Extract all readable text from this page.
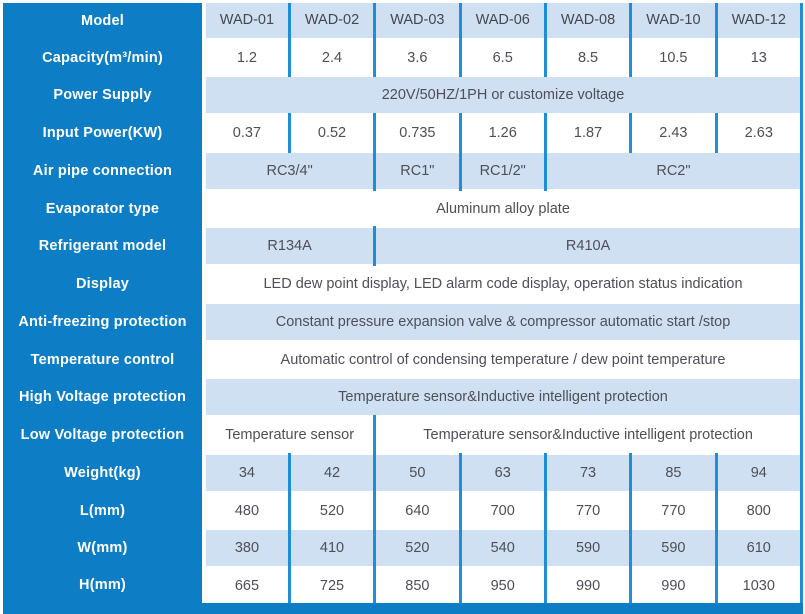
Model	WAD-01	WAD-02	WAD-03	WAD-06	WAD-08	WAD-10	WAD-12
Capacity(m³/min)	1.2	2.4	3.6	6.5	8.5	10.5	13
Power Supply	220V/50HZ/1PH or customize voltage						
Input Power(KW)	0.37	0.52	0.735	1.26	1.87	2.43	2.63
Air pipe connection	RC3/4"		RC1"	RC1/2"	RC2"		
Evaporator type	Aluminum alloy plate						
Refrigerant model	R134A		R410A				
Display	LED dew point display, LED alarm code display, operation status indication						
Anti-freezing protection	Constant pressure expansion valve & compressor automatic start /stop						
Temperature control	Automatic control of condensing temperature / dew point temperature						
High Voltage protection	Temperature sensor&Inductive intelligent protection						
Low Voltage protection	Temperature sensor		Temperature sensor&Inductive intelligent protection				
Weight(kg)	34	42	50	63	73	85	94
L(mm)	480	520	640	700	770	770	800
W(mm)	380	410	520	540	590	590	610
H(mm)	665	725	850	950	990	990	1030
